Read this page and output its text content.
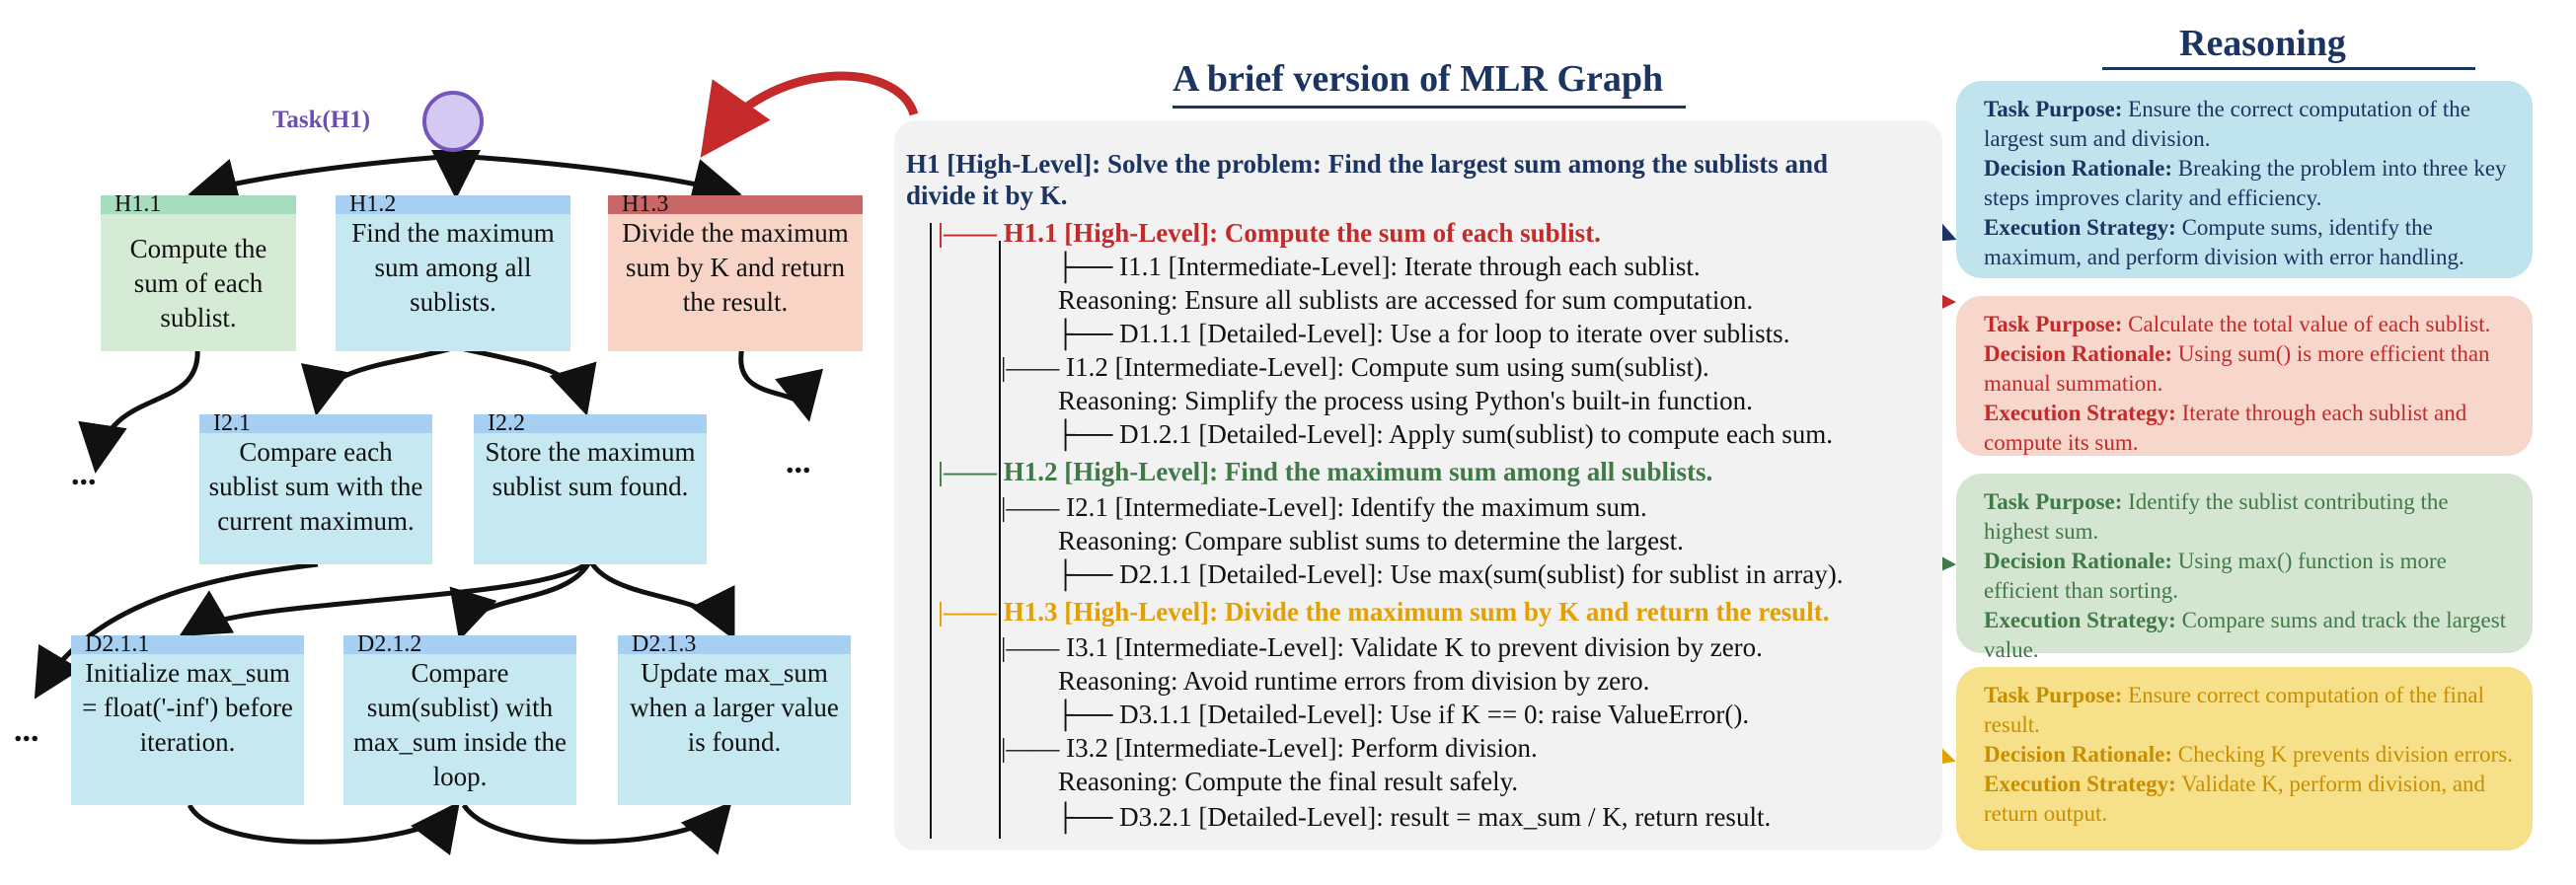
Task(H1)
H1.1
Compute the sum of each sublist.
H1.2
Find the maximum sum among all sublists.
H1.3
Divide the maximum sum by K and return the result.
I2.1
Compare each sublist sum with the current maximum.
I2.2
Store the maximum sublist sum found.
D2.1.1
Initialize max_sum = float('-inf') before iteration.
D2.1.2
Compare sum(sublist) with max_sum inside the loop.
D2.1.3
Update max_sum when a larger value is found.
...	...
...
A brief version of MLR Graph
H1 [High-Level]: Solve the problem: Find the largest sum among the sublists and
divide it by K.
|—— H1.1 [High-Level]: Compute the sum of each sublist.
├── I1.1 [Intermediate-Level]: Iterate through each sublist.
Reasoning: Ensure all sublists are accessed for sum computation.
├── D1.1.1 [Detailed-Level]: Use a for loop to iterate over sublists.
|—— I1.2 [Intermediate-Level]: Compute sum using sum(sublist).
Reasoning: Simplify the process using Python's built-in function.
├── D1.2.1 [Detailed-Level]: Apply sum(sublist) to compute each sum.
|—— H1.2 [High-Level]: Find the maximum sum among all sublists.
|—— I2.1 [Intermediate-Level]: Identify the maximum sum.
Reasoning: Compare sublist sums to determine the largest.
├── D2.1.1 [Detailed-Level]: Use max(sum(sublist) for sublist in array).
|—— H1.3 [High-Level]: Divide the maximum sum by K and return the result.
|—— I3.1 [Intermediate-Level]: Validate K to prevent division by zero.
Reasoning: Avoid runtime errors from division by zero.
├── D3.1.1 [Detailed-Level]: Use if K == 0: raise ValueError().
|—— I3.2 [Intermediate-Level]: Perform division.
Reasoning: Compute the final result safely.
├── D3.2.1 [Detailed-Level]: result = max_sum / K, return result.
Reasoning
Task Purpose: Ensure the correct computation of the largest sum and division.
Decision Rationale: Breaking the problem into three key steps improves clarity and efficiency.
Execution Strategy: Compute sums, identify the maximum, and perform division with error handling.
Task Purpose: Calculate the total value of each sublist.
Decision Rationale: Using sum() is more efficient than manual summation.
Execution Strategy: Iterate through each sublist and compute its sum.
Task Purpose: Identify the sublist contributing the highest sum.
Decision Rationale: Using max() function is more efficient than sorting.
Execution Strategy: Compare sums and track the largest value.
Task Purpose: Ensure correct computation of the final result.
Decision Rationale: Checking K prevents division errors.
Execution Strategy: Validate K, perform division, and return output.
